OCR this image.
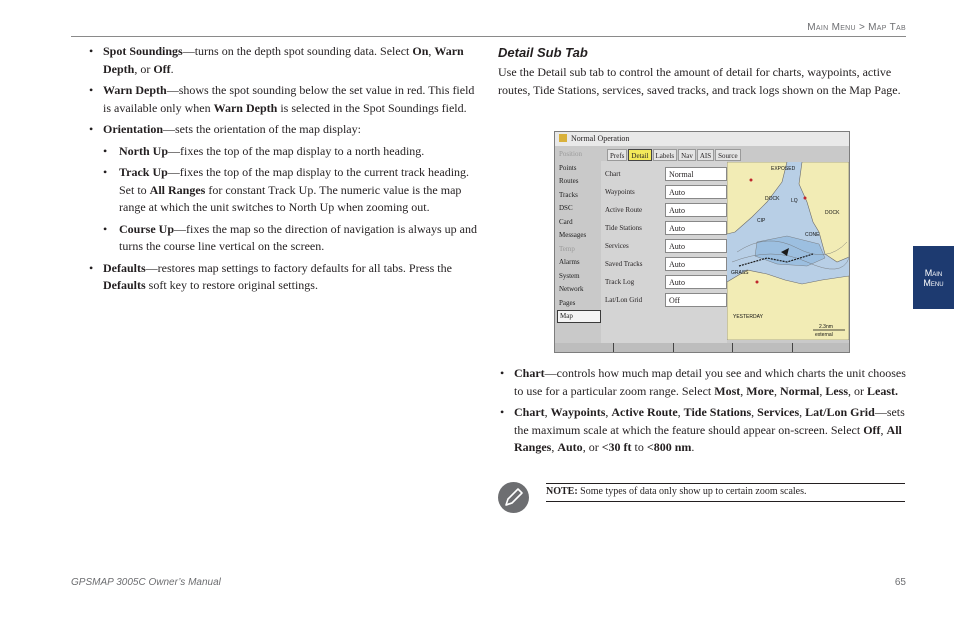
Main Menu > Map Tab
Main
Menu
• Spot Soundings—turns on the depth spot sounding data. Select On, Warn Depth, or Off.
• Warn Depth—shows the spot sounding below the set value in red. This field is available only when Warn Depth is selected in the Spot Soundings field.
• Orientation—sets the orientation of the map display:
• North Up—fixes the top of the map display to a north heading.
• Track Up—fixes the top of the map display to the current track heading. Set to All Ranges for constant Track Up. The numeric value is the map range at which the unit switches to North Up when zooming out.
• Course Up—fixes the map so the direction of navigation is always up and turns the course line vertical on the screen.
• Defaults—restores map settings to factory defaults for all tabs. Press the Defaults soft key to restore original settings.
Detail Sub Tab

Use the Detail sub tab to control the amount of detail for charts, waypoints, active routes, Tide Stations, services, saved tracks, and track logs shown on the Map Page.

Normal Operation
Position
Points
Routes
Tracks
DSC
Card
Messages
Temp
Alarms
System
Network
Pages
Map
Prefs	Detail	Labels	Nav	AIS	Source
Chart	Normal
Waypoints	Auto
Active Route	Auto
Tide Stations	Auto
Services	Auto
Saved Tracks	Auto
Track Log	Auto
Lat/Lon Grid	Off
EXPOSED
DOCK LQ
CIP
DOCK
CONE
GRASS
YESTERDAY
2.3nm
external
• Chart—controls how much map detail you see and which charts the unit chooses to use for a particular zoom range. Select Most, More, Normal, Less, or Least.
• Chart, Waypoints, Active Route, Tide Stations, Services, Lat/Lon Grid—sets the maximum scale at which the feature should appear on-screen. Select Off, All Ranges, Auto, or <30 ft to <800 nm.
NOTE: Some types of data only show up to certain zoom scales.
GPSMAP 3005C Owner’s Manual	65
